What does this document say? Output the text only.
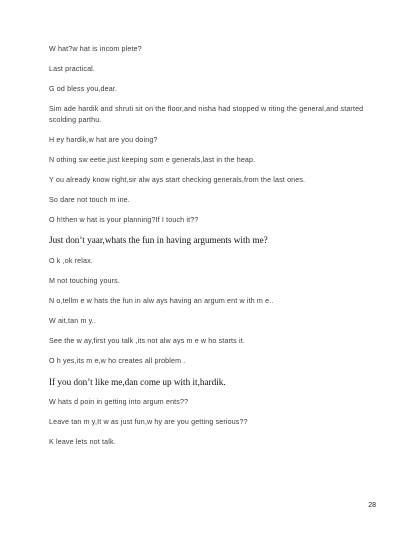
W hat?w hat is incom plete?
Last practical.
G od bless you,dear.
Sim ade hardik and shruti sit on the floor,and nisha had stopped w riting the general,and started scolding parthu.
H ey hardik,w hat are you doing?
N othing sw eetie,just keeping som e generals,last in the heap.
Y ou already know right,sir alw ays start checking generals,from the last ones.
So dare not touch m ine.
O h!then w hat is your planning?If I touch it??
Just don’t yaar,whats the fun in having arguments with me?
O k ,ok relax.
M not touching yours.
N o,tellm e w hats the fun in alw ays having an argum ent w ith m e..
W ait,tan m y..
See the w ay,first you talk ,its not alw ays m e w ho starts it.
O h yes,its m e,w ho creates all problem .
If you don’t like me,dan come up with it,hardik.
W hats d poin in getting into argum ents??
Leave tan m y,It w as just fun,w hy are you getting serious??
K leave lets not talk.
28
